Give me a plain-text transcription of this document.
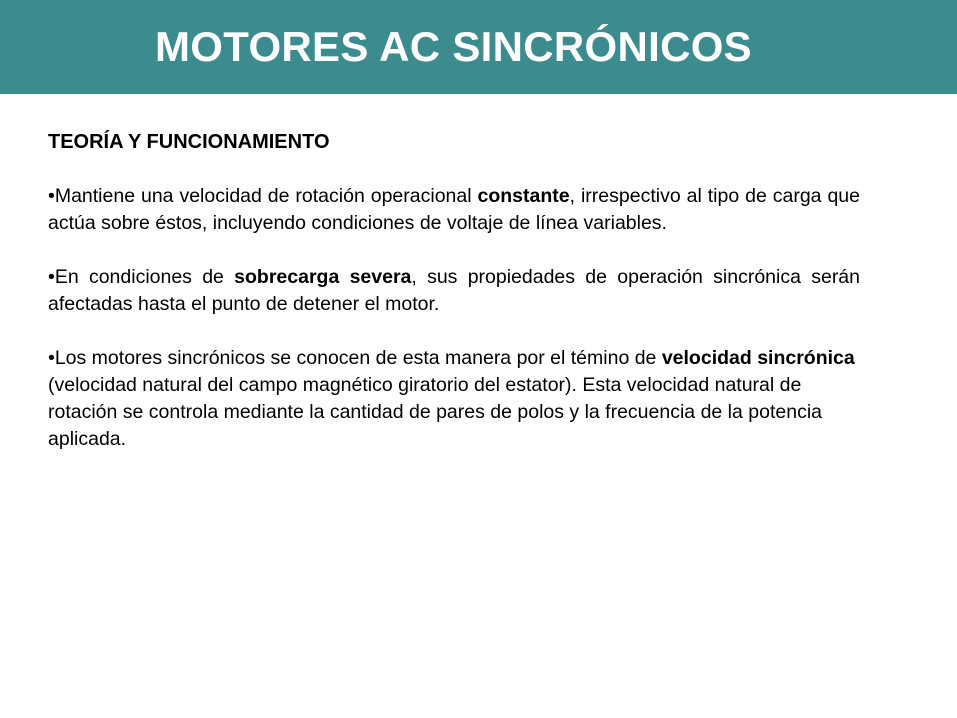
MOTORES AC SINCRÓNICOS
TEORÍA Y FUNCIONAMIENTO

•Mantiene una velocidad de rotación operacional constante, irrespectivo al tipo de carga que actúa sobre éstos, incluyendo condiciones de voltaje de línea variables.

•En condiciones de sobrecarga severa, sus propiedades de operación sincrónica serán afectadas hasta el punto de detener el motor.

•Los motores sincrónicos se conocen de esta manera por el témino de velocidad sincrónica (velocidad natural del campo magnético giratorio del estator). Esta velocidad natural de rotación se controla mediante la cantidad de pares de polos y la frecuencia de la potencia aplicada.
